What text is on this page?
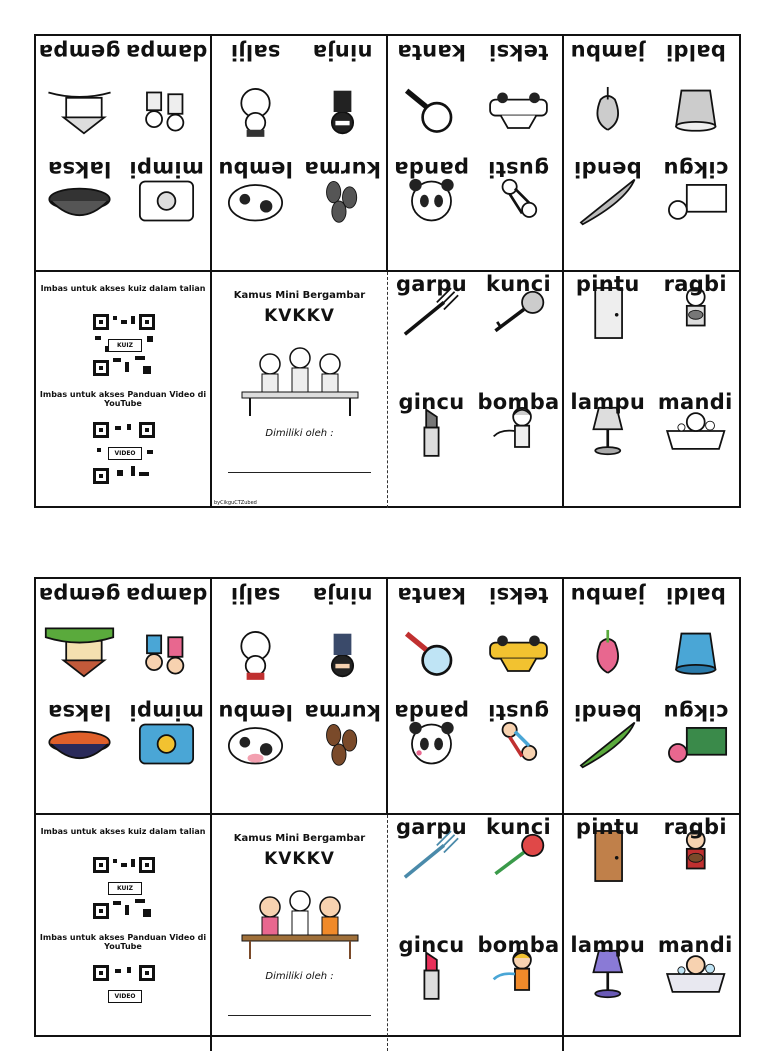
gempa dampa
laksa mimpi
salji	ninja
lembu kurma
kanta	teksi
panda gusti
jambu baldi
bendi cikgu
Imbas untuk akses kuiz dalam talian
KUIZ
Imbas untuk akses Panduan Video di YouTube
VIDEO
Kamus Mini Bergambar
KVKKV
Dimiliki oleh :
byCikguCTZubed
garpu kunci
gincu bomba
pintu	ragbi
lampu mandi
gempa dampa
laksa mimpi
salji	ninja
lembu kurma
kanta	teksi
panda gusti
jambu baldi
bendi cikgu
Imbas untuk akses kuiz dalam talian
KUIZ
Imbas untuk akses Panduan Video di YouTube
VIDEO
Kamus Mini Bergambar
KVKKV
Dimiliki oleh :
garpu kunci
gincu bomba
pintu	ragbi
lampu mandi
